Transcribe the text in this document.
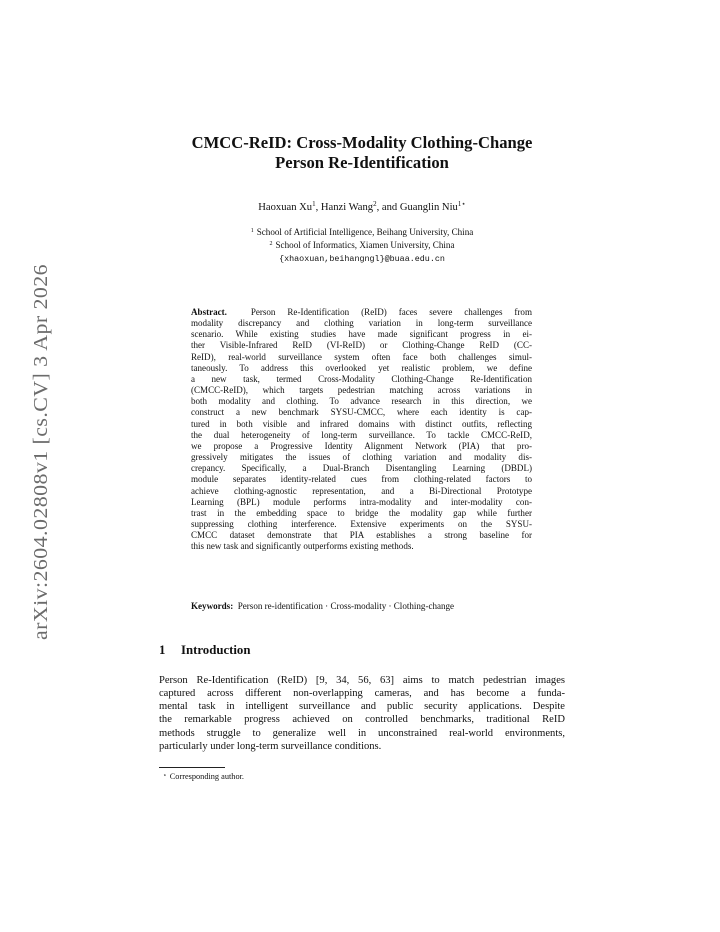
arXiv:2604.02808v1 [cs.CV] 3 Apr 2026
CMCC-ReID: Cross-Modality Clothing-Change
Person Re-Identification
Haoxuan Xu$^1$, Hanzi Wang$^2$, and Guanglin Niu$^{1⋆}$
$^1$ School of Artificial Intelligence, Beihang University, China
$^2$ School of Informatics, Xiamen University, China
{xhaoxuan,beihangngl}@buaa.edu.cn
Abstract.	Person Re-Identification (ReID) faces severe challenges from
modality discrepancy and clothing variation in long-term surveillance
scenario. While existing studies have made significant progress in ei-
ther Visible-Infrared ReID (VI-ReID) or Clothing-Change ReID (CC-
ReID), real-world surveillance system often face both challenges simul-
taneously. To address this overlooked yet realistic problem, we define
a new task, termed Cross-Modality Clothing-Change Re-Identification
(CMCC-ReID), which targets pedestrian matching across variations in
both modality and clothing. To advance research in this direction, we
construct a new benchmark SYSU-CMCC, where each identity is cap-
tured in both visible and infrared domains with distinct outfits, reflecting
the dual heterogeneity of long-term surveillance. To tackle CMCC-ReID,
we propose a Progressive Identity Alignment Network (PIA) that pro-
gressively mitigates the issues of clothing variation and modality dis-
crepancy. Specifically, a Dual-Branch Disentangling Learning (DBDL)
module separates identity-related cues from clothing-related factors to
achieve clothing-agnostic representation, and a Bi-Directional Prototype
Learning (BPL) module performs intra-modality and inter-modality con-
trast in the embedding space to bridge the modality gap while further
suppressing clothing interference. Extensive experiments on the SYSU-
CMCC dataset demonstrate that PIA establishes a strong baseline for
this new task and significantly outperforms existing methods.
Keywords: Person re-identification · Cross-modality · Clothing-change
1 Introduction
Person Re-Identification (ReID) [9, 34, 56, 63] aims to match pedestrian images
captured across different non-overlapping cameras, and has become a funda-
mental task in intelligent surveillance and public security applications. Despite
the remarkable progress achieved on controlled benchmarks, traditional ReID
methods struggle to generalize well in unconstrained real-world environments,
particularly under long-term surveillance conditions.
⋆ Corresponding author.
